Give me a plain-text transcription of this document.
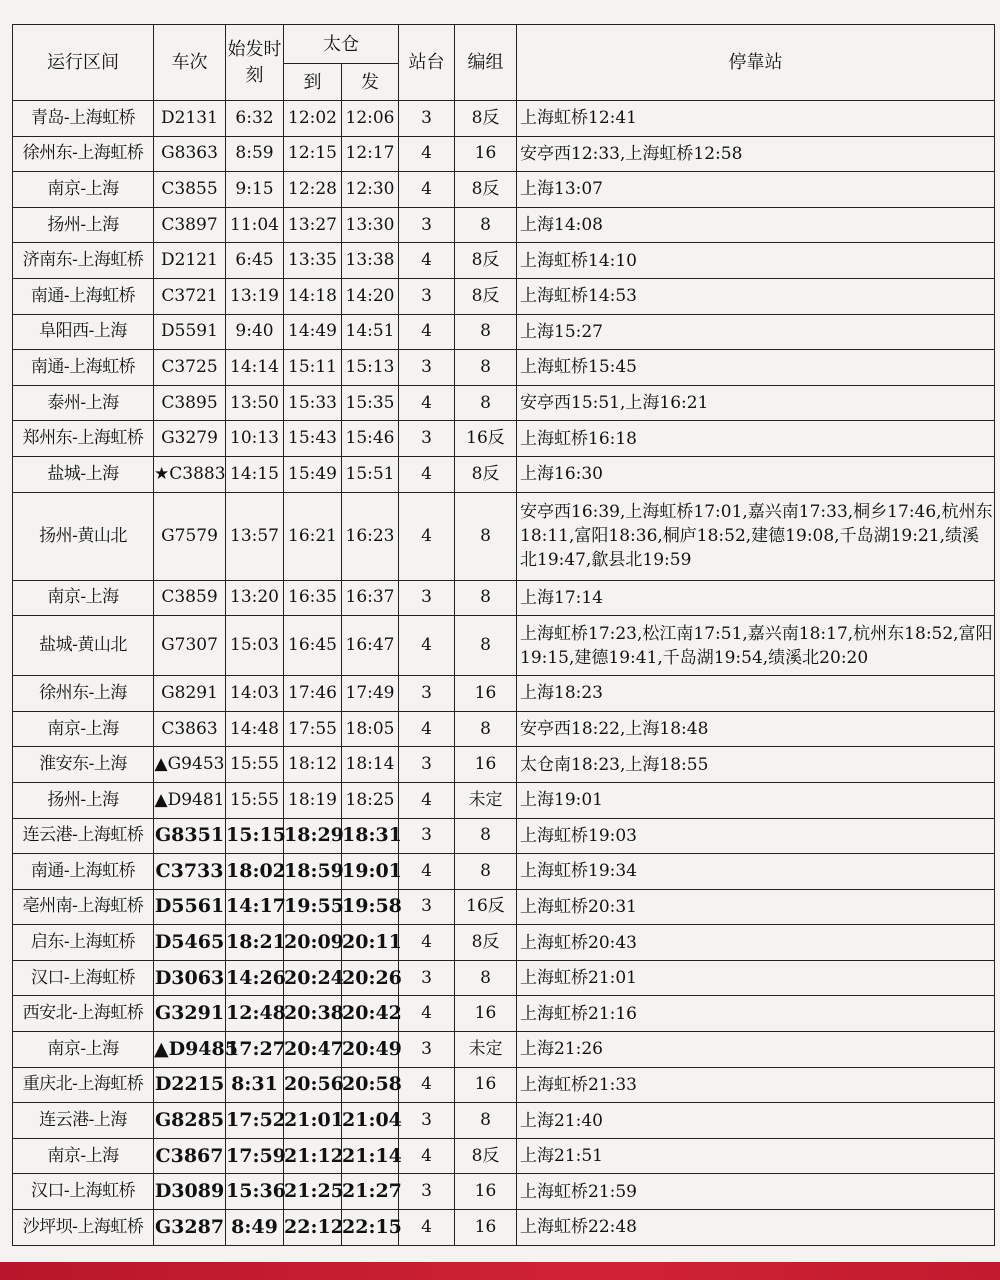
运行区间	车次	始发时刻	太仓		站台	编组	停靠站
			到	发			
青岛-上海虹桥	D2131	6:32	12:02	12:06	3	8反	上海虹桥12:41
徐州东-上海虹桥	G8363	8:59	12:15	12:17	4	16	安亭西12:33,上海虹桥12:58
南京-上海	C3855	9:15	12:28	12:30	4	8反	上海13:07
扬州-上海	C3897	11:04	13:27	13:30	3	8	上海14:08
济南东-上海虹桥	D2121	6:45	13:35	13:38	4	8反	上海虹桥14:10
南通-上海虹桥	C3721	13:19	14:18	14:20	3	8反	上海虹桥14:53
阜阳西-上海	D5591	9:40	14:49	14:51	4	8	上海15:27
南通-上海虹桥	C3725	14:14	15:11	15:13	3	8	上海虹桥15:45
泰州-上海	C3895	13:50	15:33	15:35	4	8	安亭西15:51,上海16:21
郑州东-上海虹桥	G3279	10:13	15:43	15:46	3	16反	上海虹桥16:18
盐城-上海	★C3883	14:15	15:49	15:51	4	8反	上海16:30
扬州-黄山北	G7579	13:57	16:21	16:23	4	8	安亭西16:39,上海虹桥17:01,嘉兴南17:33,桐乡17:46,杭州东18:11,富阳18:36,桐庐18:52,建德19:08,千岛湖19:21,绩溪北19:47,歙县北19:59
南京-上海	C3859	13:20	16:35	16:37	3	8	上海17:14
盐城-黄山北	G7307	15:03	16:45	16:47	4	8	上海虹桥17:23,松江南17:51,嘉兴南18:17,杭州东18:52,富阳19:15,建德19:41,千岛湖19:54,绩溪北20:20
徐州东-上海	G8291	14:03	17:46	17:49	3	16	上海18:23
南京-上海	C3863	14:48	17:55	18:05	4	8	安亭西18:22,上海18:48
淮安东-上海	▲G9453	15:55	18:12	18:14	3	16	太仓南18:23,上海18:55
扬州-上海	▲D9481	15:55	18:19	18:25	4	未定	上海19:01
连云港-上海虹桥	G8351	15:15	18:29	18:31	3	8	上海虹桥19:03
南通-上海虹桥	C3733	18:02	18:59	19:01	4	8	上海虹桥19:34
亳州南-上海虹桥	D5561	14:17	19:55	19:58	3	16反	上海虹桥20:31
启东-上海虹桥	D5465	18:21	20:09	20:11	4	8反	上海虹桥20:43
汉口-上海虹桥	D3063	14:26	20:24	20:26	3	8	上海虹桥21:01
西安北-上海虹桥	G3291	12:48	20:38	20:42	4	16	上海虹桥21:16
南京-上海	▲D9485	17:27	20:47	20:49	3	未定	上海21:26
重庆北-上海虹桥	D2215	8:31	20:56	20:58	4	16	上海虹桥21:33
连云港-上海	G8285	17:52	21:01	21:04	3	8	上海21:40
南京-上海	C3867	17:59	21:12	21:14	4	8反	上海21:51
汉口-上海虹桥	D3089	15:36	21:25	21:27	3	16	上海虹桥21:59
沙坪坝-上海虹桥	G3287	8:49	22:12	22:15	4	16	上海虹桥22:48
